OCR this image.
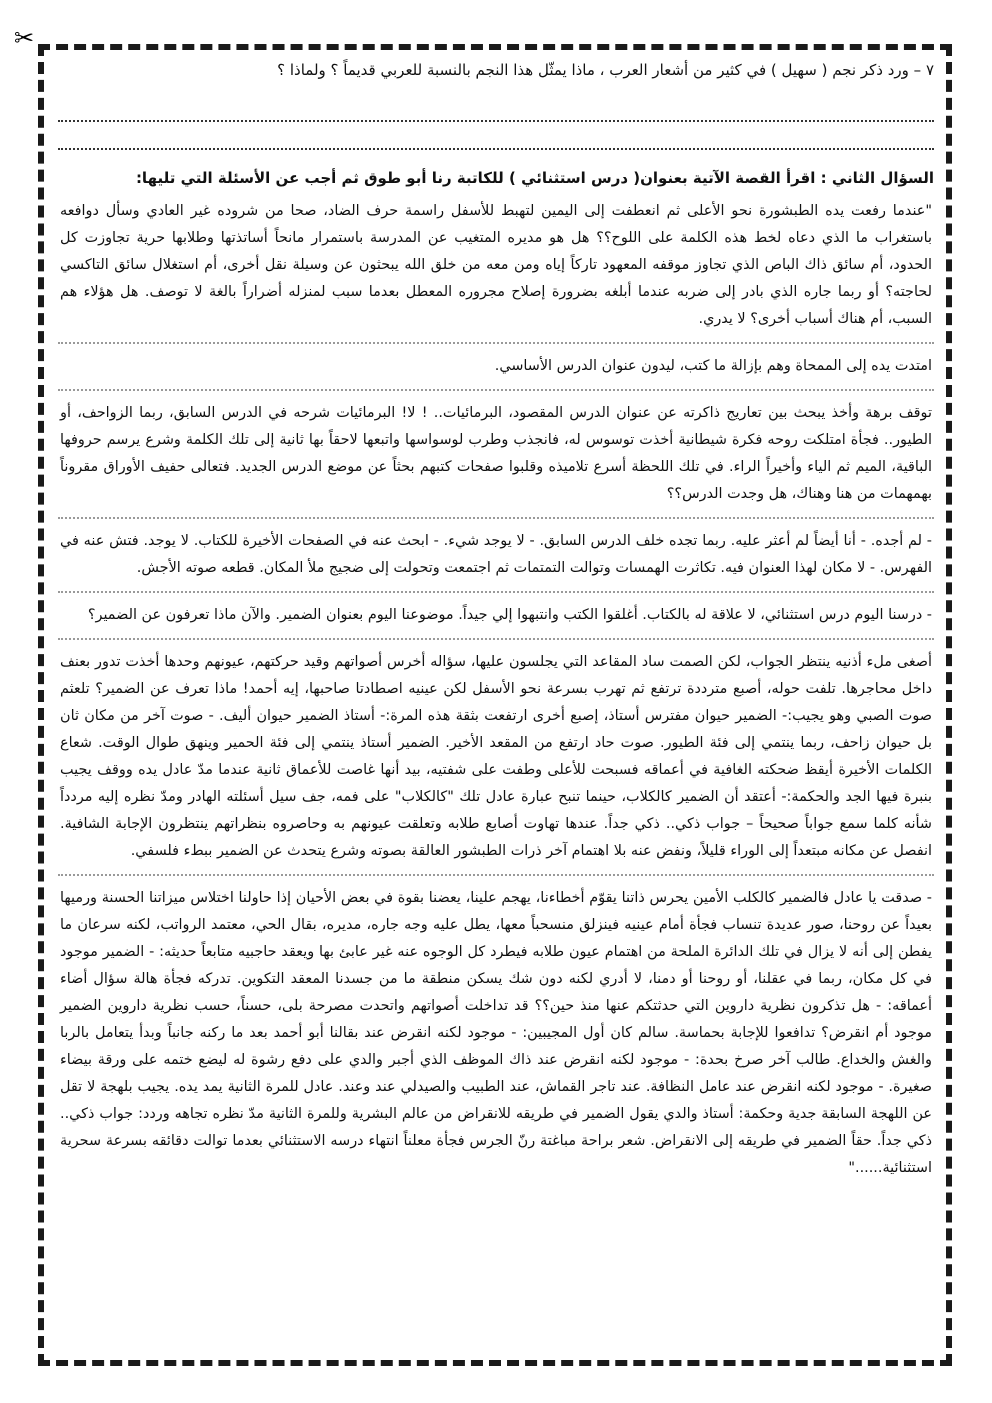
✂

٧ – ورد ذكر نجم ( سهيل ) في كثير من أشعار العرب ، ماذا يمثّل هذا النجم بالنسبة للعربي قديماً ؟ ولماذا ؟

السؤال الثاني : اقرأ القصة الآتية بعنوان( درس استثنائي ) للكاتبة رنا أبو طوق ثم أجب عن الأسئلة التي تليها:

"عندما رفعت يده الطبشورة نحو الأعلى ثم انعطفت إلى اليمين لتهبط للأسفل راسمة حرف الضاد، صحا من شروده غير العادي وسأل دوافعه باستغراب ما الذي دعاه لخط هذه الكلمة على اللوح؟؟ هل هو مديره المتغيب عن المدرسة باستمرار مانحاً أساتذتها وطلابها حرية تجاوزت كل الحدود، أم سائق ذاك الباص الذي تجاوز موقفه المعهود تاركاً إياه ومن معه من خلق الله يبحثون عن وسيلة نقل أخرى، أم استغلال سائق التاكسي لحاجته؟ أو ربما جاره الذي بادر إلى ضربه عندما أبلغه بضرورة إصلاح مجروره المعطل بعدما سبب لمنزله أضراراً بالغة لا توصف. هل هؤلاء هم السبب، أم هناك أسباب أخرى؟ لا يدري.

امتدت يده إلى الممحاة وهم بإزالة ما كتب، ليدون عنوان الدرس الأساسي.

توقف برهة وأخذ يبحث بين تعاريج ذاكرته عن عنوان الدرس المقصود، البرمائيات.. ! لا! البرمائيات شرحه في الدرس السابق، ربما الزواحف، أو الطيور.. فجأة امتلكت روحه فكرة شيطانية أخذت توسوس له، فانجذب وطرب لوسواسها واتبعها لاحقاً بها ثانية إلى تلك الكلمة وشرع يرسم حروفها الباقية، الميم ثم الياء وأخيراً الراء. في تلك اللحظة أسرع تلاميذه وقلبوا صفحات كتبهم بحثاً عن موضع الدرس الجديد. فتعالى حفيف الأوراق مقروناً بهمهمات من هنا وهناك، هل وجدت الدرس؟؟

- لم أجده. - أنا أيضاً لم أعثر عليه. ربما تجده خلف الدرس السابق. - لا يوجد شيء. - ابحث عنه في الصفحات الأخيرة للكتاب. لا يوجد. فتش عنه في الفهرس. - لا مكان لهذا العنوان فيه. تكاثرت الهمسات وتوالت التمتمات ثم اجتمعت وتحولت إلى ضجيج ملأ المكان. قطعه صوته الأجش.

- درسنا اليوم درس استثنائي، لا علاقة له بالكتاب. أغلقوا الكتب وانتبهوا إلي جيداً. موضوعنا اليوم بعنوان الضمير. والآن ماذا تعرفون عن الضمير؟

أصغى ملء أذنيه ينتظر الجواب، لكن الصمت ساد المقاعد التي يجلسون عليها، سؤاله أخرس أصواتهم وقيد حركتهم، عيونهم وحدها أخذت تدور بعنف داخل محاجرها. تلفت حوله، أصبع مترددة ترتفع ثم تهرب بسرعة نحو الأسفل لكن عينيه اصطادتا صاحبها، إيه أحمد! ماذا تعرف عن الضمير؟ تلعثم صوت الصبي وهو يجيب:- الضمير حيوان مفترس أستاذ، إصبع أخرى ارتفعت بثقة هذه المرة:- أستاذ الضمير حيوان أليف. - صوت آخر من مكان ثان بل حيوان زاحف، ربما ينتمي إلى فئة الطيور. صوت حاد ارتفع من المقعد الأخير. الضمير أستاذ ينتمي إلى فئة الحمير وينهق طوال الوقت. شعاع الكلمات الأخيرة أيقظ ضحكته الغافية في أعماقه فسبحت للأعلى وطفت على شفتيه، بيد أنها غاصت للأعماق ثانية عندما مدّ عادل يده ووقف يجيب بنبرة فيها الجد والحكمة:- أعتقد أن الضمير كالكلاب، حينما تنبح عبارة عادل تلك "كالكلاب" على فمه، جف سيل أسئلته الهادر ومدّ نظره إليه مردداً شأنه كلما سمع جواباً صحيحاً – جواب ذكي.. ذكي جداً. عندها تهاوت أصابع طلابه وتعلقت عيونهم به وحاصروه بنظراتهم ينتظرون الإجابة الشافية. انفصل عن مكانه مبتعداً إلى الوراء قليلاً، ونفض عنه بلا اهتمام آخر ذرات الطبشور العالقة بصوته وشرع يتحدث عن الضمير ببطء فلسفي.

- صدقت يا عادل فالضمير كالكلب الأمين يحرس ذاتنا يقوّم أخطاءنا، يهجم علينا، يعضنا بقوة في بعض الأحيان إذا حاولنا اختلاس ميزاتنا الحسنة ورميها بعيداً عن روحنا، صور عديدة تنساب فجأة أمام عينيه فينزلق منسحباً معها، يطل عليه وجه جاره، مديره، بقال الحي، معتمد الرواتب، لكنه سرعان ما يفطن إلى أنه لا يزال في تلك الدائرة الملحة من اهتمام عيون طلابه فيطرد كل الوجوه عنه غير عابئ بها ويعقد حاجبيه متابعاً حديثه: - الضمير موجود في كل مكان، ربما في عقلنا، أو روحنا أو دمنا، لا أدري لكنه دون شك يسكن منطقة ما من جسدنا المعقد التكوين. تدركه فجأة هالة سؤال أضاء أعماقه: - هل تذكرون نظرية داروين التي حدثتكم عنها منذ حين؟؟ قد تداخلت أصواتهم واتحدت مصرحة بلى، حسناً، حسب نظرية داروين الضمير موجود أم انقرض؟ تدافعوا للإجابة بحماسة. سالم كان أول المجيبين: - موجود لكنه انقرض عند بقالنا أبو أحمد بعد ما ركنه جانباً وبدأ يتعامل بالربا والغش والخداع. طالب آخر صرخ بحدة: - موجود لكنه انقرض عند ذاك الموظف الذي أجبر والدي على دفع رشوة له ليضع ختمه على ورقة بيضاء صغيرة. - موجود لكنه انقرض عند عامل النظافة. عند تاجر القماش، عند الطبيب والصيدلي عند وعند. عادل للمرة الثانية يمد يده. يجيب بلهجة لا تقل عن اللهجة السابقة جدية وحكمة: أستاذ والدي يقول الضمير في طريقه للانقراض من عالم البشرية وللمرة الثانية مدّ نظره تجاهه وردد: جواب ذكي.. ذكي جداً. حقاً الضمير في طريقه إلى الانقراض. شعر براحة مباغتة رنّ الجرس فجأة معلناً انتهاء درسه الاستثنائي بعدما توالت دقائقه بسرعة سحرية استثنائية......"
